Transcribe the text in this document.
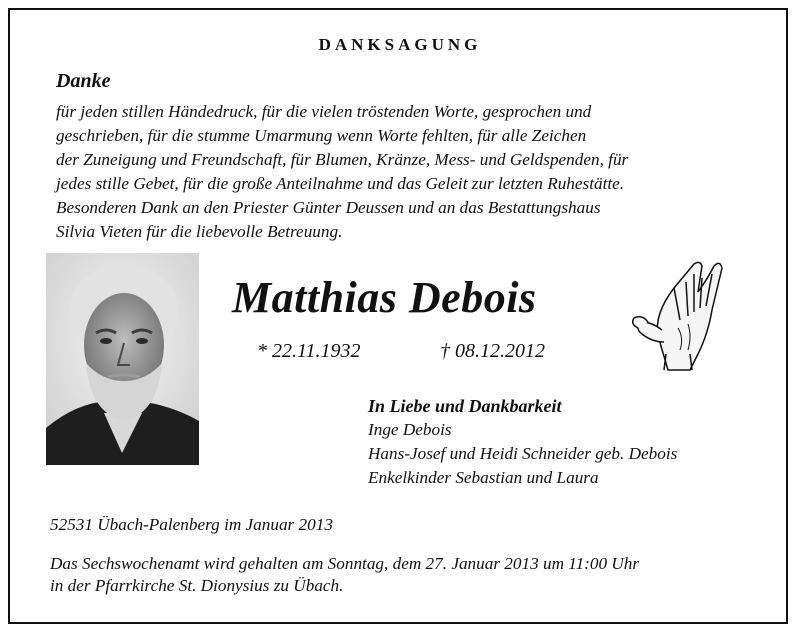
DANKSAGUNG
Danke

für jeden stillen Händedruck, für die vielen tröstenden Worte, gesprochen und
geschrieben, für die stumme Umarmung wenn Worte fehlten, für alle Zeichen
der Zuneigung und Freundschaft, für Blumen, Kränze, Mess- und Geldspenden, für
jedes stille Gebet, für die große Anteilnahme und das Geleit zur letzten Ruhestätte.
Besonderen Dank an den Priester Günter Deussen und an das Bestattungshaus
Silvia Vieten für die liebevolle Betreuung.

Matthias Debois
* 22.11.1932	† 08.12.2012
In Liebe und Dankbarkeit
Inge Debois
Hans-Josef und Heidi Schneider geb. Debois
Enkelkinder Sebastian und Laura
52531 Übach-Palenberg im Januar 2013
Das Sechswochenamt wird gehalten am Sonntag, dem 27. Januar 2013 um 11:00 Uhr
in der Pfarrkirche St. Dionysius zu Übach.
